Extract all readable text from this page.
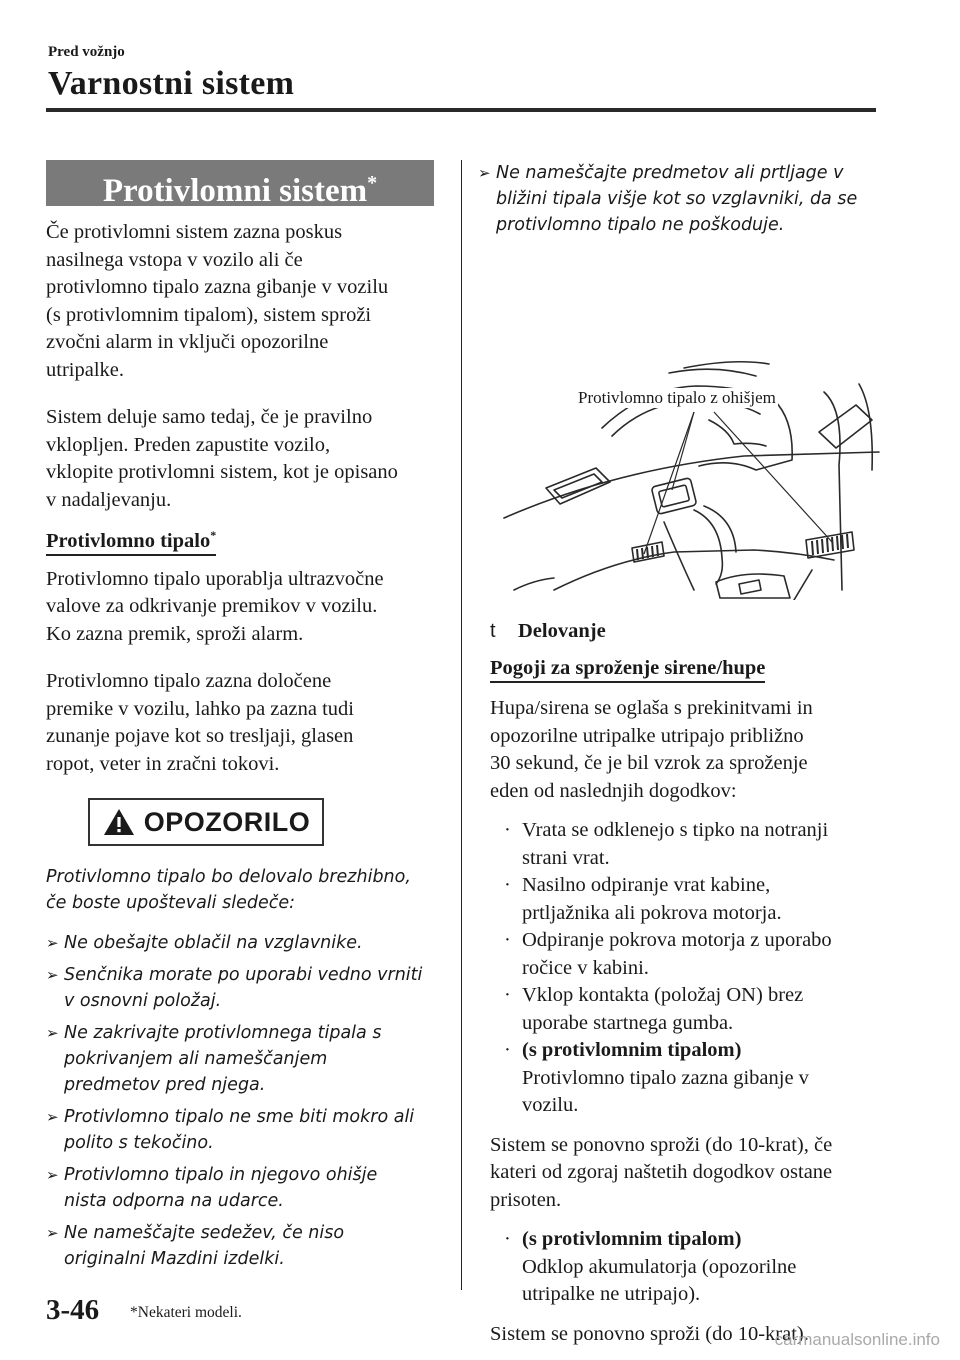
Pred vožnjo
Varnostni sistem
Protivlomni sistem*

Če protivlomni sistem zazna poskus

nasilnega vstopa v vozilo ali če

protivlomno tipalo zazna gibanje v vozilu

(s protivlomnim tipalom), sistem sproži

zvočni alarm in vključi opozorilne

utripalke.

Sistem deluje samo tedaj, če je pravilno

vklopljen. Preden zapustite vozilo,

vklopite protivlomni sistem, kot je opisano

v nadaljevanju.

Protivlomno tipalo*

Protivlomno tipalo uporablja ultrazvočne

valove za odkrivanje premikov v vozilu.

Ko zazna premik, sproži alarm.

Protivlomno tipalo zazna določene

premike v vozilu, lahko pa zazna tudi

zunanje pojave kot so tresljaji, glasen

ropot, veter in zračni tokovi.

OPOZORILO

Protivlomno tipalo bo delovalo brezhibno,

če boste upoštevali sledeče:

➢ Ne obešajte oblačil na vzglavnike.
➢ Senčnika morate po uporabi vedno vrniti
v osnovni položaj.
➢ Ne zakrivajte protivlomnega tipala s
pokrivanjem ali nameščanjem
predmetov pred njega.
➢ Protivlomno tipalo ne sme biti mokro ali
polito s tekočino.
➢ Protivlomno tipalo in njegovo ohišje
nista odporna na udarce.
➢ Ne nameščajte sedežev, če niso
originalni Mazdini izdelki.
➢ Ne nameščajte predmetov ali prtljage v
bližini tipala višje kot so vzglavniki, da se
protivlomno tipalo ne poškoduje.
Protivlomno tipalo z ohišjem
t	Delovanje

Pogoji za sproženje sirene/hupe

Hupa/sirena se oglaša s prekinitvami in

opozorilne utripalke utripajo približno

30 sekund, če je bil vzrok za sproženje

eden od naslednjih dogodkov:

· Vrata se odklenejo s tipko na notranji
strani vrat.
· Nasilno odpiranje vrat kabine,
prtljažnika ali pokrova motorja.
· Odpiranje pokrova motorja z uporabo
ročice v kabini.
· Vklop kontakta (položaj ON) brez
uporabe startnega gumba.
· (s protivlomnim tipalom)
Protivlomno tipalo zazna gibanje v
vozilu.

Sistem se ponovno sproži (do 10-krat), če

kateri od zgoraj naštetih dogodkov ostane

prisoten.

· (s protivlomnim tipalom)
Odklop akumulatorja (opozorilne
utripalke ne utripajo).

Sistem se ponovno sproži (do 10-krat).

3-46 *Nekateri modeli.
carmanualsonline.info
